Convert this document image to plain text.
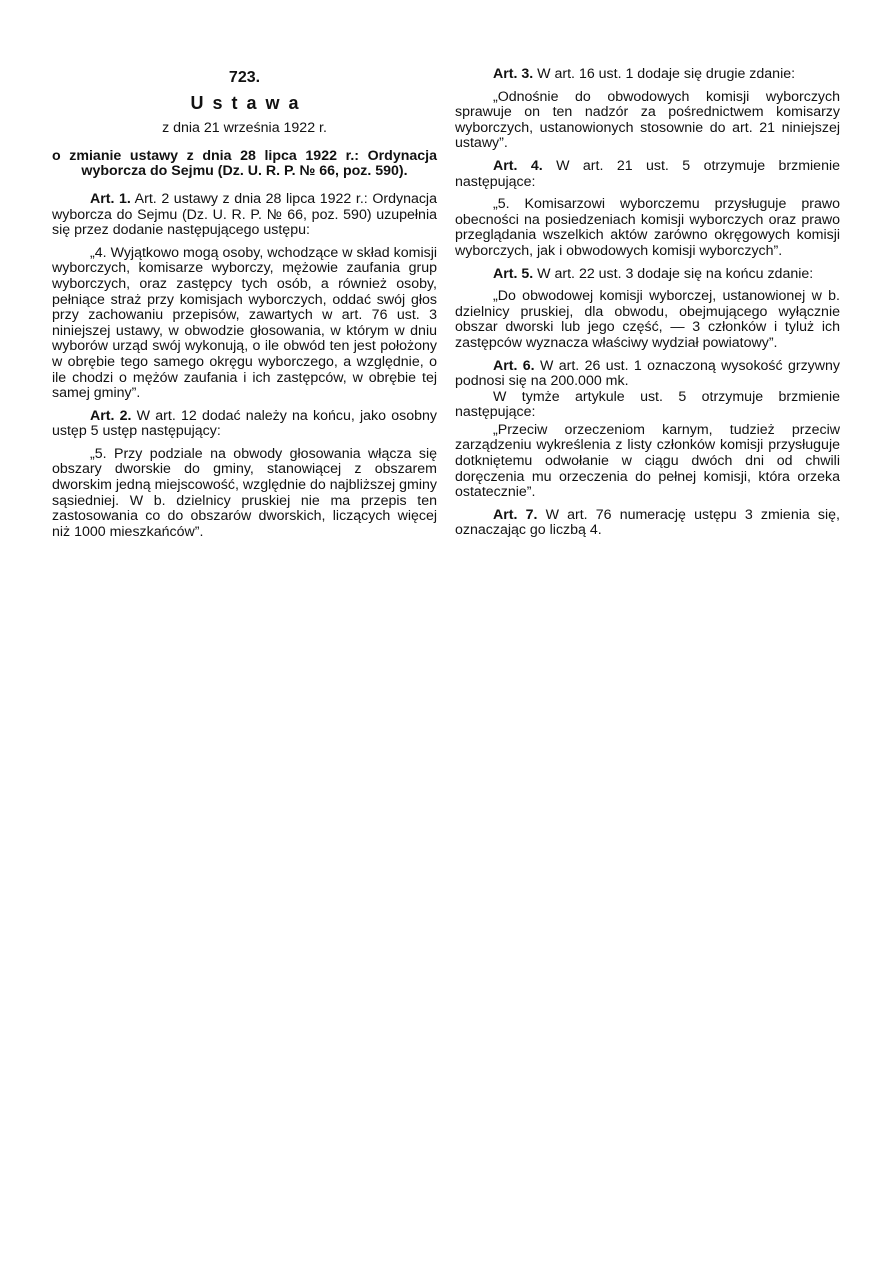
723.
Ustawa
z dnia 21 września 1922 r.
o zmianie ustawy z dnia 28 lipca 1922 r.: Ordynacja wyborcza do Sejmu (Dz. U. R. P. № 66, poz. 590).

Art. 1. Art. 2 ustawy z dnia 28 lipca 1922 r.: Ordynacja wyborcza do Sejmu (Dz. U. R. P. № 66, poz. 590) uzupełnia się przez dodanie następującego ustępu:

„4. Wyjątkowo mogą osoby, wchodzące w skład komisji wyborczych, komisarze wyborczy, mężowie zaufania grup wyborczych, oraz zastępcy tych osób, a również osoby, pełniące straż przy komisjach wyborczych, oddać swój głos przy zachowaniu przepisów, zawartych w art. 76 ust. 3 niniejszej ustawy, w obwodzie głosowania, w którym w dniu wyborów urząd swój wykonują, o ile obwód ten jest położony w obrębie tego samego okręgu wyborczego, a względnie, o ile chodzi o mężów zaufania i ich zastępców, w obrębie tej samej gminy”.

Art. 2. W art. 12 dodać należy na końcu, jako osobny ustęp 5 ustęp następujący:

„5. Przy podziale na obwody głosowania włącza się obszary dworskie do gminy, stanowiącej z obszarem dworskim jedną miejscowość, względnie do najbliższej gminy sąsiedniej. W b. dzielnicy pruskiej nie ma przepis ten zastosowania co do obszarów dworskich, liczących więcej niż 1000 mieszkańców”.

Art. 3. W art. 16 ust. 1 dodaje się drugie zdanie:

„Odnośnie do obwodowych komisji wyborczych sprawuje on ten nadzór za pośrednictwem komisarzy wyborczych, ustanowionych stosownie do art. 21 niniejszej ustawy”.

Art. 4. W art. 21 ust. 5 otrzymuje brzmienie następujące:

„5. Komisarzowi wyborczemu przysługuje prawo obecności na posiedzeniach komisji wyborczych oraz prawo przeglądania wszelkich aktów zarówno okręgowych komisji wyborczych, jak i obwodowych komisji wyborczych”.

Art. 5. W art. 22 ust. 3 dodaje się na końcu zdanie:

„Do obwodowej komisji wyborczej, ustanowionej w b. dzielnicy pruskiej, dla obwodu, obejmującego wyłącznie obszar dworski lub jego część, — 3 członków i tyluż ich zastępców wyznacza właściwy wydział powiatowy”.

Art. 6. W art. 26 ust. 1 oznaczoną wysokość grzywny podnosi się na 200.000 mk.

W tymże artykule ust. 5 otrzymuje brzmienie następujące:

„Przeciw orzeczeniom karnym, tudzież przeciw zarządzeniu wykreślenia z listy członków komisji przysługuje dotkniętemu odwołanie w ciągu dwóch dni od chwili doręczenia mu orzeczenia do pełnej komisji, która orzeka ostatecznie”.

Art. 7. W art. 76 numerację ustępu 3 zmienia się, oznaczając go liczbą 4.
